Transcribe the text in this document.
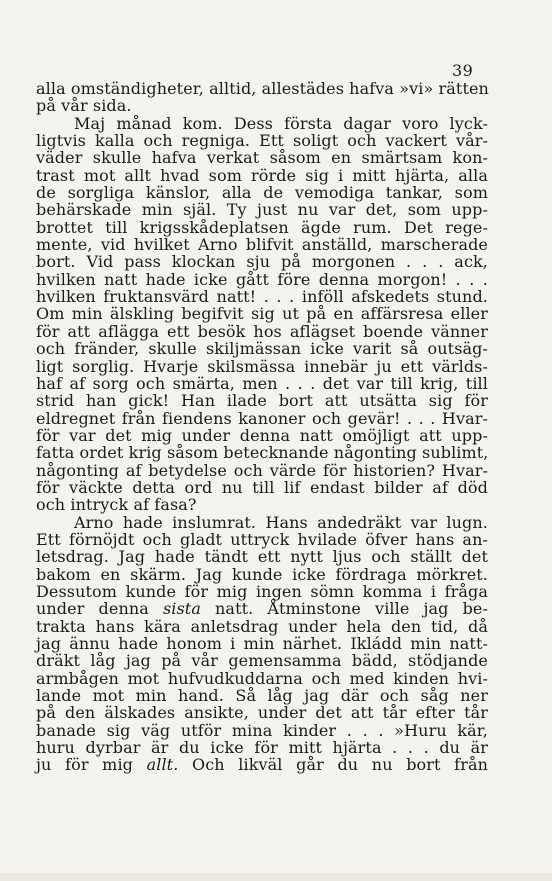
39
alla omständigheter, alltid, allestädes hafva »vi» rätten
på vår sida.
Maj månad kom. Dess första dagar voro lyck-
ligtvis kalla och regniga. Ett soligt och vackert vår-
väder skulle hafva verkat såsom en smärtsam kon-
trast mot allt hvad som rörde sig i mitt hjärta, alla
de sorgliga känslor, alla de vemodiga tankar, som
behärskade min själ. Ty just nu var det, som upp-
brottet till krigsskådeplatsen ägde rum. Det rege-
mente, vid hvilket Arno blifvit anställd, marscherade
bort. Vid pass klockan sju på morgonen . . . ack,
hvilken natt hade icke gått före denna morgon! . . .
hvilken fruktansvärd natt! . . . inföll afskedets stund.
Om min älskling begifvit sig ut på en affärsresa eller
för att aflägga ett besök hos aflägset boende vänner
och fränder, skulle skiljmässan icke varit så outsäg-
ligt sorglig. Hvarje skilsmässa innebär ju ett världs-
haf af sorg och smärta, men . . . det var till krig, till
strid han gick! Han ilade bort att utsätta sig för
eldregnet från fiendens kanoner och gevär! . . . Hvar-
för var det mig under denna natt omöjligt att upp-
fatta ordet krig såsom betecknande någonting sublimt,
någonting af betydelse och värde för historien? Hvar-
för väckte detta ord nu till lif endast bilder af död
och intryck af fasa?
Arno hade inslumrat. Hans andedräkt var lugn.
Ett förnöjdt och gladt uttryck hvilade öfver hans an-
letsdrag. Jag hade tändt ett nytt ljus och ställt det
bakom en skärm. Jag kunde icke fördraga mörkret.
Dessutom kunde för mig ingen sömn komma i fråga
under denna sista natt. Åtminstone ville jag be-
trakta hans kära anletsdrag under hela den tid, då
jag ännu hade honom i min närhet. Ikládd min natt-
dräkt låg jag på vår gemensamma bädd, stödjande
armbågen mot hufvudkuddarna och med kinden hvi-
lande mot min hand. Så låg jag där och såg ner
på den älskades ansikte, under det att tår efter tår
banade sig väg utför mina kinder . . . »Huru kär,
huru dyrbar är du icke för mitt hjärta . . . du är
ju för mig allt. Och likväl går du nu bort från
